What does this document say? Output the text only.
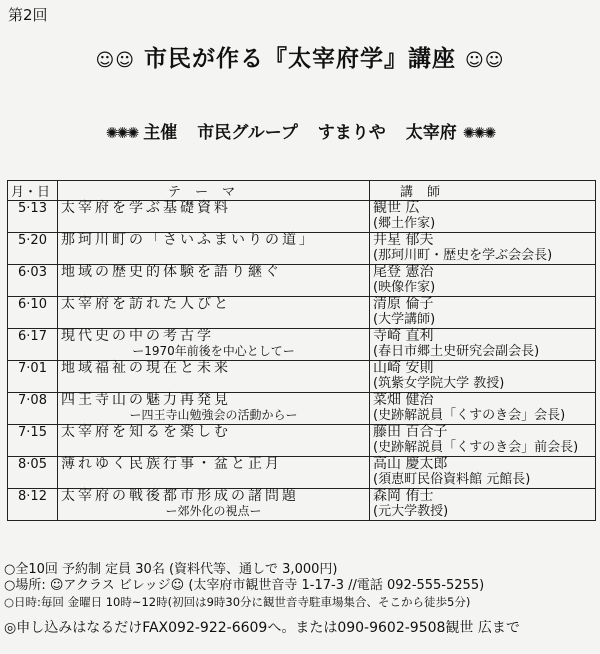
第2回
☺☺ 市民が作る『太宰府学』講座 ☺☺
✺✺✺ 主催 市民グループ すまりや 太宰府 ✺✺✺
月・日	テーマ	講師
5·13	太宰府を学ぶ基礎資料	観世 広
(郷土作家)

5·20	那珂川町の「さいふまいりの道」	井星 郁夫
(那珂川町・歴史を学ぶ会会長)

6·03	地域の歴史的体験を語り継ぐ	尾登 憲治
(映像作家)

6·10	太宰府を訪れた人びと	清原 倫子
(大学講師)

6·17	現代史の中の考古学
ー1970年前後を中心としてー	寺崎 直利
(春日市郷土史研究会副会長)

7·01	地域福祉の現在と未来	山崎 安則
(筑紫女学院大学 教授)

7·08	四王寺山の魅力再発見
ー四王寺山勉強会の活動からー	菜畑 健治
(史跡解説員「くすのき会」会長)

7·15	太宰府を知るを楽しむ	藤田 百合子
(史跡解説員「くすのき会」前会長)

8·05	薄れゆく民族行事・盆と正月	高山 慶太郎
(須恵町民俗資料館 元館長)

8·12	太宰府の戦後都市形成の諸問題
ー郊外化の視点ー	森岡 侑士
(元大学教授)
○全10回 予約制 定員 30名 (資料代等、通しで 3,000円)
○場所: ☺アクラス ビレッジ☺ (太宰府市観世音寺 1-17-3 //電話 092-555-5255)
○日時:毎回 金曜日 10時~12時(初回は9時30分に観世音寺駐車場集合、そこから徒歩5分)
◎申し込みはなるだけFAX092-922-6609へ。または090-9602-9508観世 広まで
